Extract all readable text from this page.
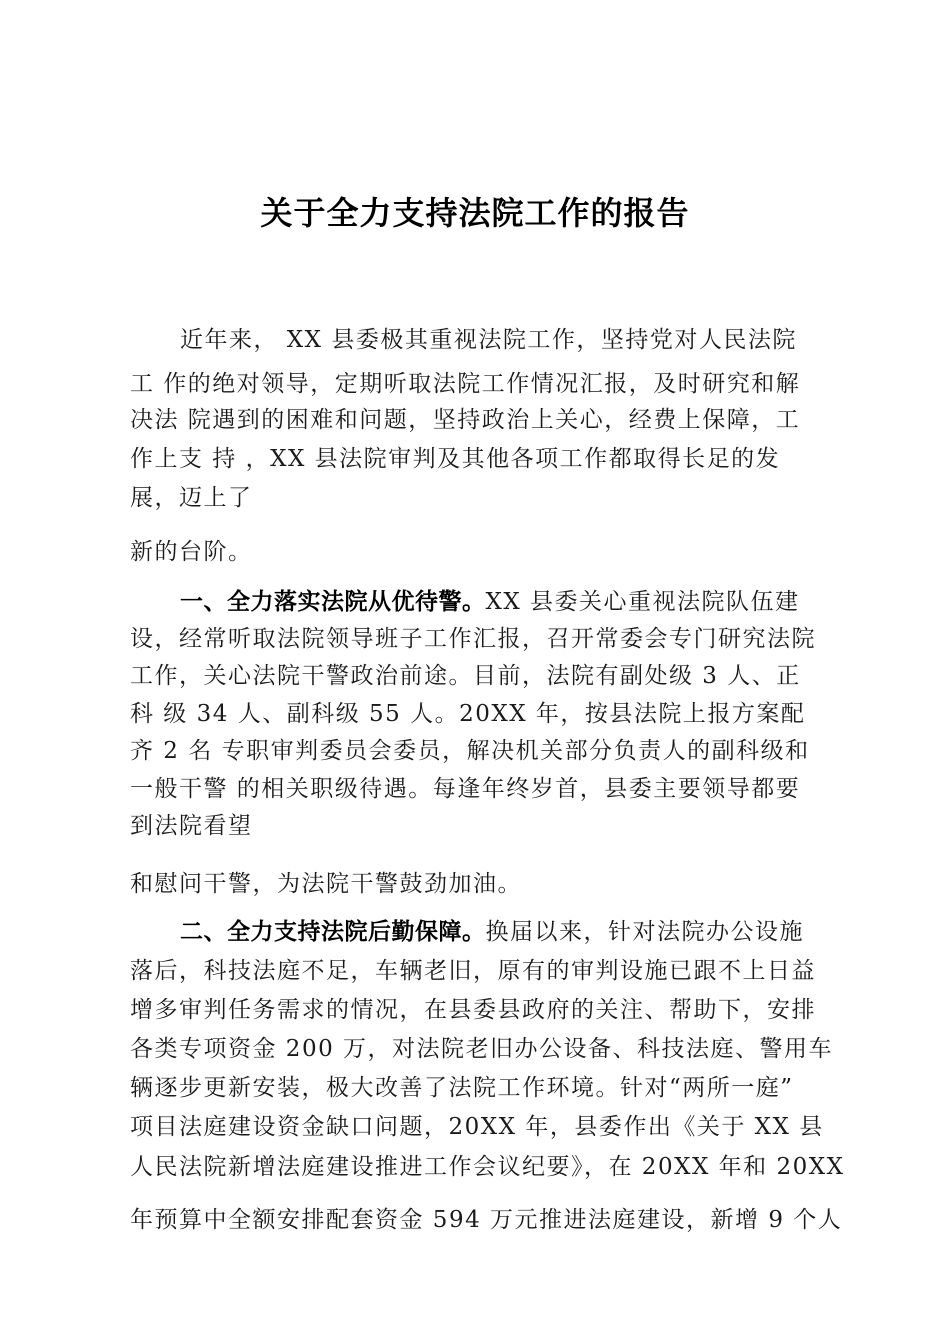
关于全力支持法院工作的报告
近年来， XX 县委极其重视法院工作，坚持党对人民法院
工 作的绝对领导，定期听取法院工作情况汇报，及时研究和解
决法 院遇到的困难和问题，坚持政治上关心，经费上保障，工
作上支 持 ，XX 县法院审判及其他各项工作都取得长足的发
展，迈上了
新的台阶。
一、全力落实法院从优待警。XX 县委关心重视法院队伍建
设，经常听取法院领导班子工作汇报，召开常委会专门研究法院
工作，关心法院干警政治前途。目前，法院有副处级 3 人、正
科 级 34 人、副科级 55 人。20XX 年，按县法院上报方案配
齐 2 名 专职审判委员会委员，解决机关部分负责人的副科级和
一般干警 的相关职级待遇。每逢年终岁首，县委主要领导都要
到法院看望
和慰问干警，为法院干警鼓劲加油。
二、全力支持法院后勤保障。换届以来，针对法院办公设施
落后，科技法庭不足，车辆老旧，原有的审判设施已跟不上日益
增多审判任务需求的情况，在县委县政府的关注、帮助下，安排
各类专项资金 200 万，对法院老旧办公设备、科技法庭、警用车
辆逐步更新安装，极大改善了法院工作环境。针对“两所一庭”
项目法庭建设资金缺口问题，20XX 年，县委作出《关于 XX 县
人民法院新增法庭建设推进工作会议纪要》，在 20XX 年和 20XX
年预算中全额安排配套资金 594 万元推进法庭建设，新增 9 个人
